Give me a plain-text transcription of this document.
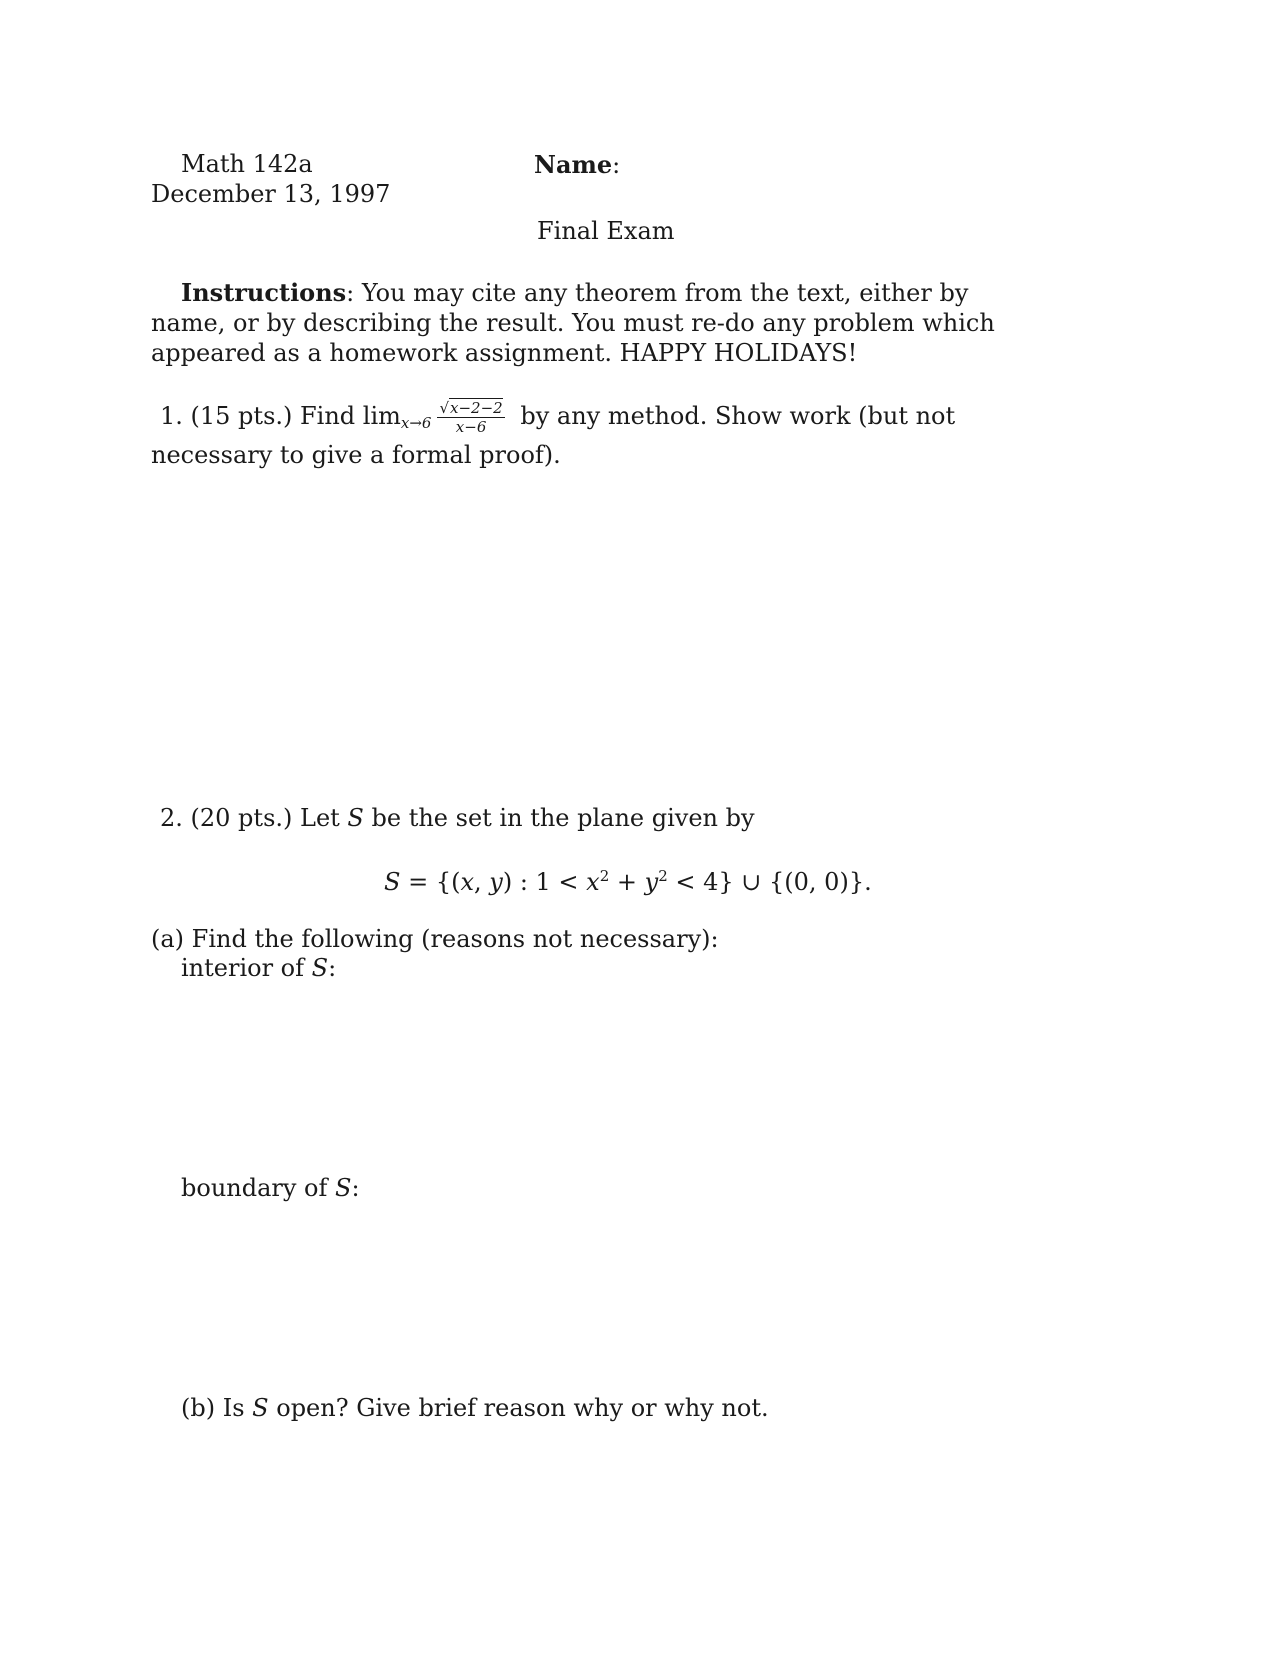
Math 142a
December 13, 1997
Name:
Final Exam
Instructions: You may cite any theorem from the text, either by name, or by describing the result. You must re-do any problem which appeared as a homework assignment. HAPPY HOLIDAYS!
1. (15 pts.) Find $\lim_{x\to 6} \frac{√x-2-2}{x-6}$ by any method. Show work (but not necessary to give a formal proof).
2. (20 pts.) Let S be the set in the plane given by
S = {(x, y) : $1 < x^2 + y^2 < 4$} ∪ {(0, 0)}.
(a) Find the following (reasons not necessary):
interior of S:
boundary of S:
(b) Is S open? Give brief reason why or why not.
